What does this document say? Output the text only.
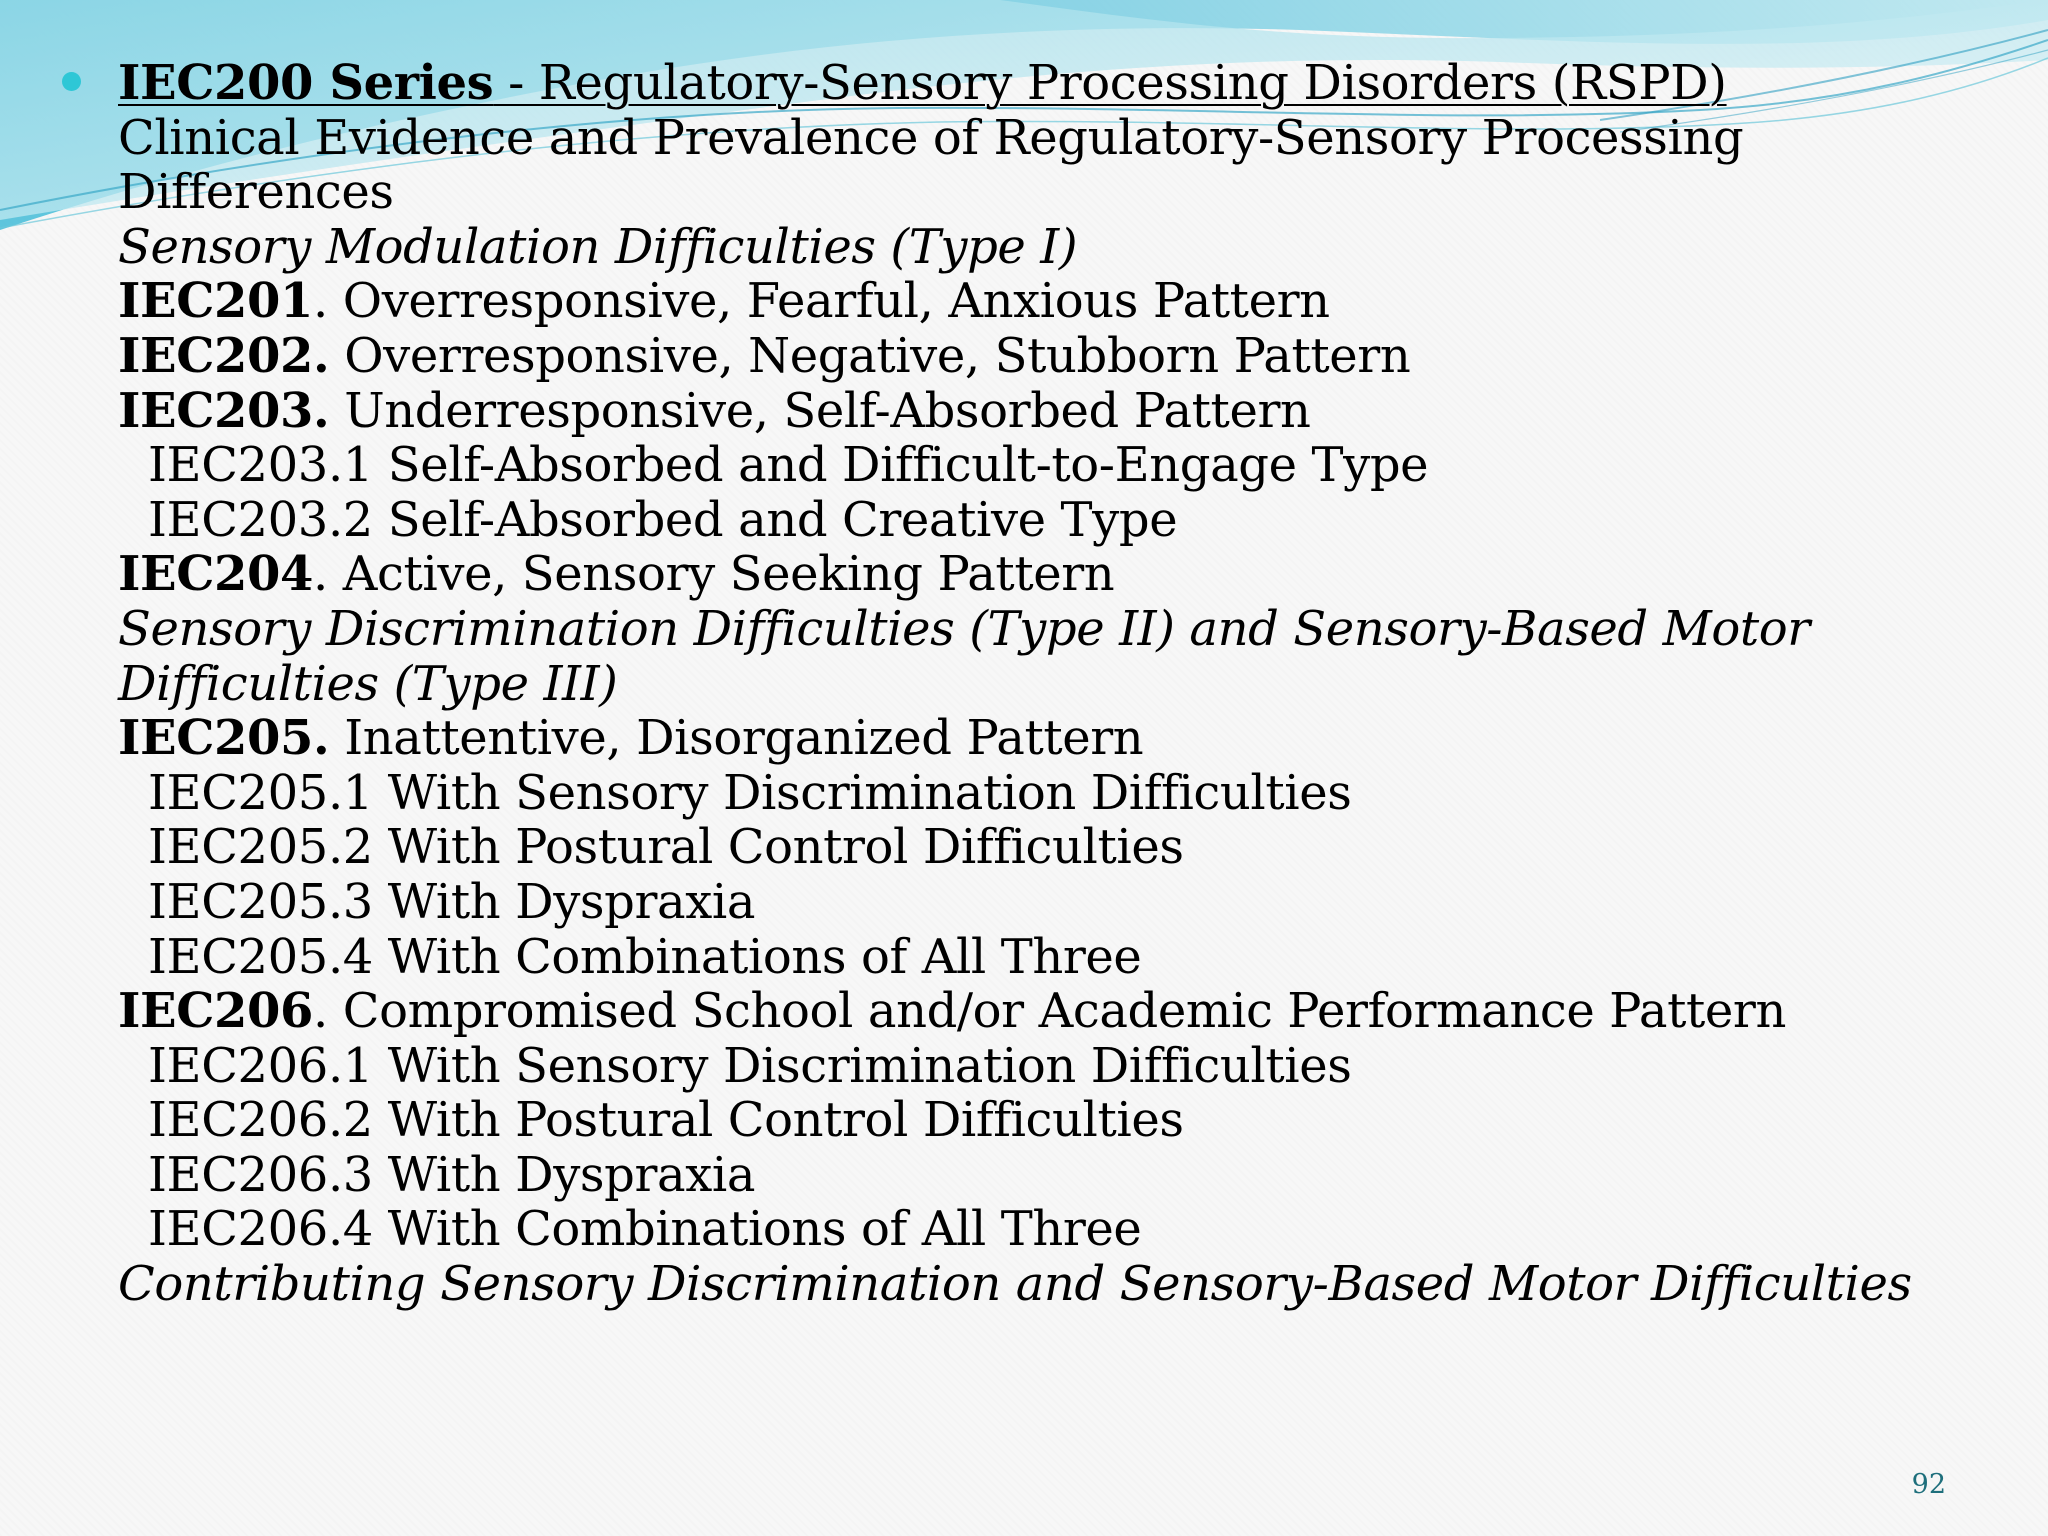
IEC200 Series - Regulatory-Sensory Processing Disorders (RSPD)
Clinical Evidence and Prevalence of Regulatory-Sensory Processing
Differences
Sensory Modulation Difficulties (Type I)
IEC201. Overresponsive, Fearful, Anxious Pattern
IEC202. Overresponsive, Negative, Stubborn Pattern
IEC203. Underresponsive, Self-Absorbed Pattern
IEC203.1 Self-Absorbed and Difficult-to-Engage Type
IEC203.2 Self-Absorbed and Creative Type
IEC204. Active, Sensory Seeking Pattern
Sensory Discrimination Difficulties (Type II) and Sensory-Based Motor
Difficulties (Type III)
IEC205. Inattentive, Disorganized Pattern
IEC205.1 With Sensory Discrimination Difficulties
IEC205.2 With Postural Control Difficulties
IEC205.3 With Dyspraxia
IEC205.4 With Combinations of All Three
IEC206. Compromised School and/or Academic Performance Pattern
IEC206.1 With Sensory Discrimination Difficulties
IEC206.2 With Postural Control Difficulties
IEC206.3 With Dyspraxia
IEC206.4 With Combinations of All Three
Contributing Sensory Discrimination and Sensory-Based Motor Difficulties
92
